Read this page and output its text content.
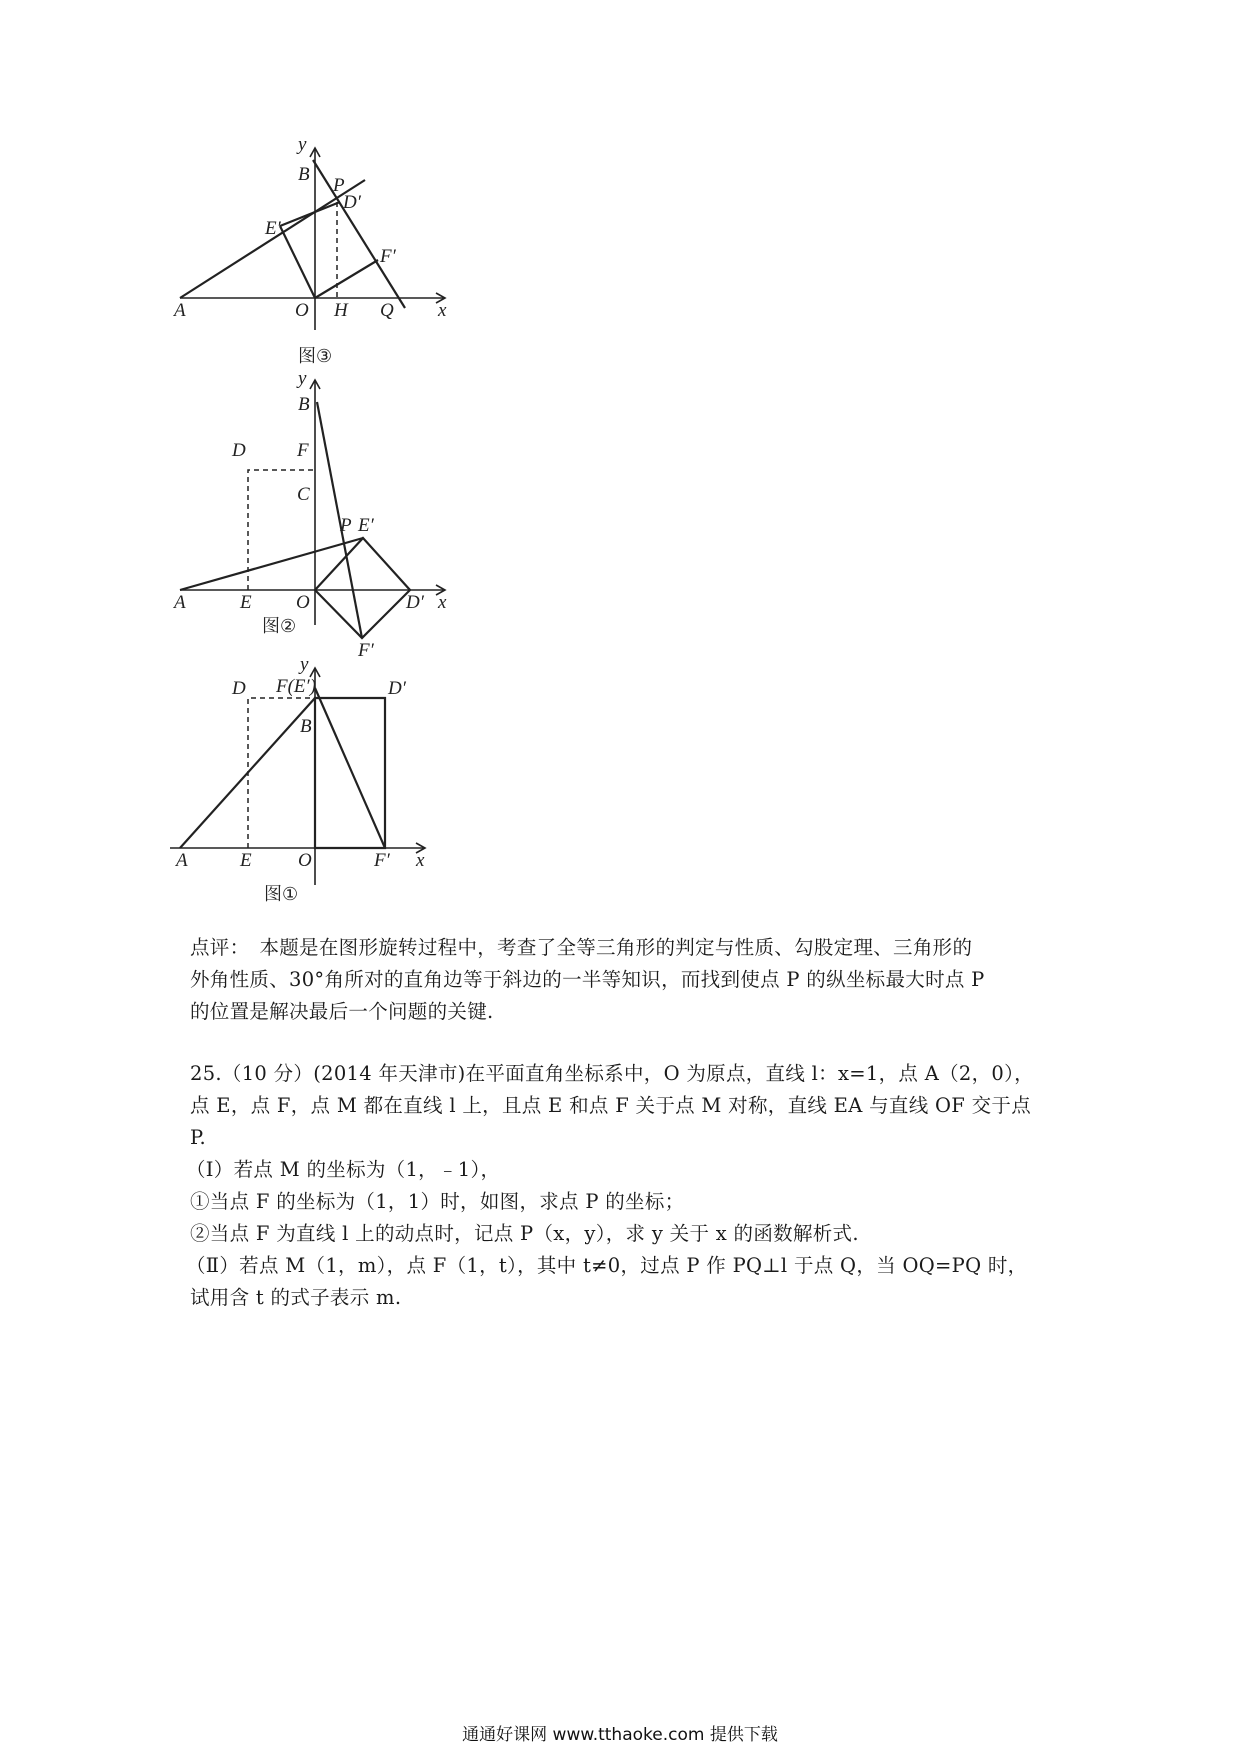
y
x
B
P
D′
E′
F′
A	O H Q
图③
y
x
B
D	F
C
P E′
A	E O	D′
F′
图②
y
x
B
D F(E′)	D′
A	E O	F′
图①

点评：　本题是在图形旋转过程中，考查了全等三角形的判定与性质、勾股定理、三角形的

外角性质、30°角所对的直角边等于斜边的一半等知识，而找到使点 P 的纵坐标最大时点 P

的位置是解决最后一个问题的关键.

25.（10 分）(2014 年天津市)在平面直角坐标系中，O 为原点，直线 l：x=1，点 A（2，0），

点 E，点 F，点 M 都在直线 l 上，且点 E 和点 F 关于点 M 对称，直线 EA 与直线 OF 交于点

P.

（Ⅰ）若点 M 的坐标为（1，﹣1），

①当点 F 的坐标为（1，1）时，如图，求点 P 的坐标；

②当点 F 为直线 l 上的动点时，记点 P（x，y），求 y 关于 x 的函数解析式.

（Ⅱ）若点 M（1，m），点 F（1，t），其中 t≠0，过点 P 作 PQ⊥l 于点 Q，当 OQ=PQ 时，

试用含 t 的式子表示 m.

通通好课网 www.tthaoke.com 提供下载
